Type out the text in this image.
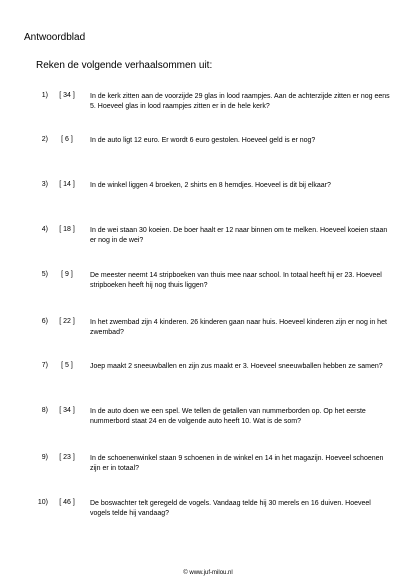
Antwoordblad
Reken de volgende verhaalsommen uit:
1)	[ 34 ]	In de kerk zitten aan de voorzijde 29 glas in lood raampjes. Aan de achterzijde zitten er nog eens 5. Hoeveel glas in lood raampjes zitten er in de hele kerk?
2)	[ 6 ]	In de auto ligt 12 euro. Er wordt 6 euro gestolen. Hoeveel geld is er nog?
3)	[ 14 ]	In de winkel liggen 4 broeken, 2 shirts en 8 hemdjes. Hoeveel is dit bij elkaar?
4)	[ 18 ]	In de wei staan 30 koeien. De boer haalt er 12 naar binnen om te melken. Hoeveel koeien staan er nog in de wei?
5)	[ 9 ]	De meester neemt 14 stripboeken van thuis mee naar school. In totaal heeft hij er 23. Hoeveel stripboeken heeft hij nog thuis liggen?
6)	[ 22 ]	In het zwembad zijn 4 kinderen. 26 kinderen gaan naar huis. Hoeveel kinderen zijn er nog in het zwembad?
7)	[ 5 ]	Joep maakt 2 sneeuwballen en zijn zus maakt er 3. Hoeveel sneeuwballen hebben ze samen?
8)	[ 34 ]	In de auto doen we een spel. We tellen de getallen van nummerborden op. Op het eerste nummerbord staat 24 en de volgende auto heeft 10. Wat is de som?
9)	[ 23 ]	In de schoenenwinkel staan 9 schoenen in de winkel en 14 in het magazijn. Hoeveel schoenen zijn er in totaal?
10)	[ 46 ]	De boswachter telt geregeld de vogels. Vandaag telde hij 30 merels en 16 duiven. Hoeveel vogels telde hij vandaag?
© www.juf-milou.nl
